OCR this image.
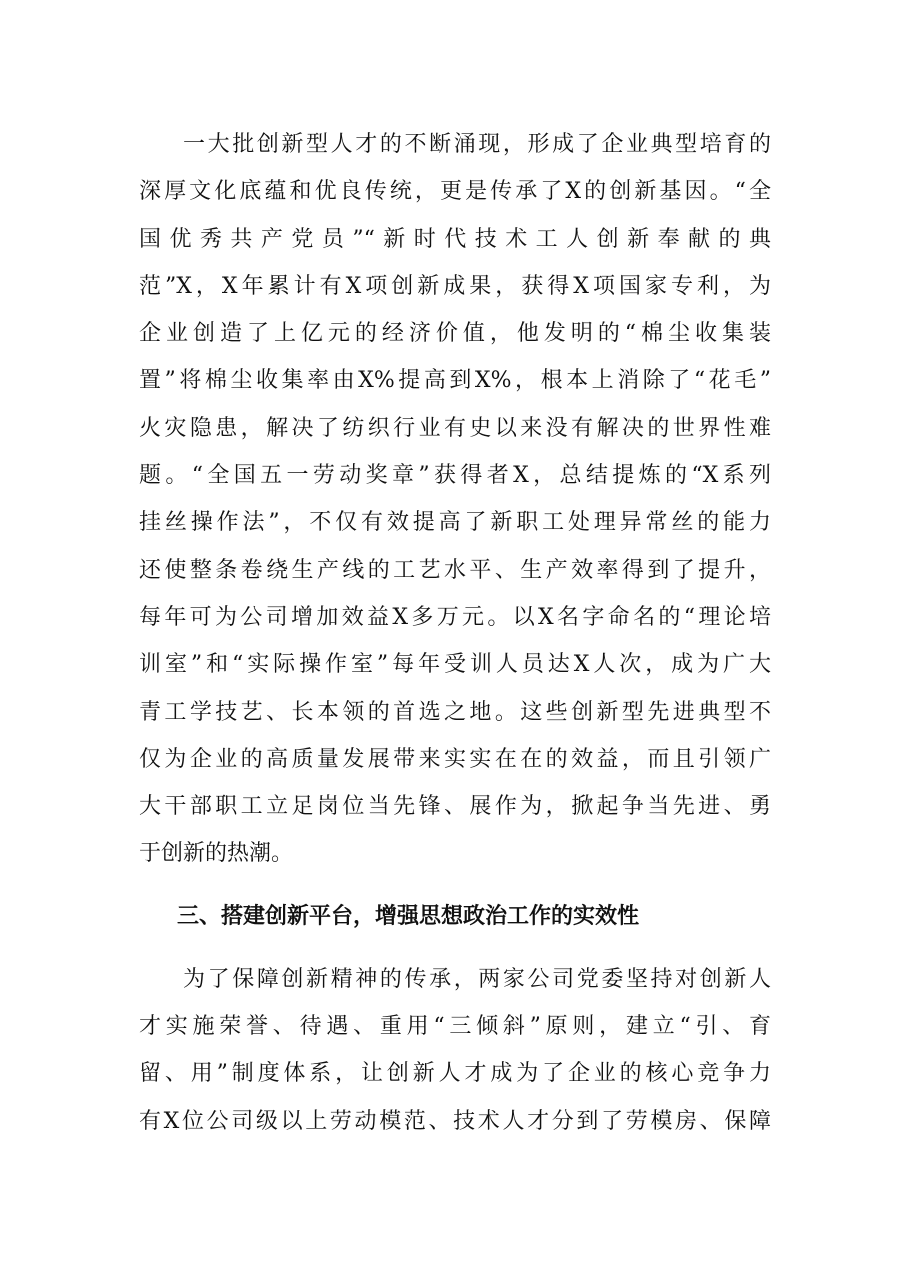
一大批创新型人才的不断涌现，形成了企业典型培育的
深厚文化底蕴和优良传统，更是传承了X的创新基因。“全
国优秀共产党员”“新时代技术工人创新奉献的典
范”X，X年累计有X项创新成果，获得X项国家专利，为
企业创造了上亿元的经济价值，他发明的“棉尘收集装
置”将棉尘收集率由X%提高到X%，根本上消除了“花毛”
火灾隐患，解决了纺织行业有史以来没有解决的世界性难
题。“全国五一劳动奖章”获得者X，总结提炼的“X系列
挂丝操作法”，不仅有效提高了新职工处理异常丝的能力
还使整条卷绕生产线的工艺水平、生产效率得到了提升，
每年可为公司增加效益X多万元。以X名字命名的“理论培
训室”和“实际操作室”每年受训人员达X人次，成为广大
青工学技艺、长本领的首选之地。这些创新型先进典型不
仅为企业的高质量发展带来实实在在的效益，而且引领广
大干部职工立足岗位当先锋、展作为，掀起争当先进、勇
于创新的热潮。
三、搭建创新平台，增强思想政治工作的实效性
为了保障创新精神的传承，两家公司党委坚持对创新人
才实施荣誉、待遇、重用“三倾斜”原则，建立“引、育
留、用”制度体系，让创新人才成为了企业的核心竞争力
有X位公司级以上劳动模范、技术人才分到了劳模房、保障
